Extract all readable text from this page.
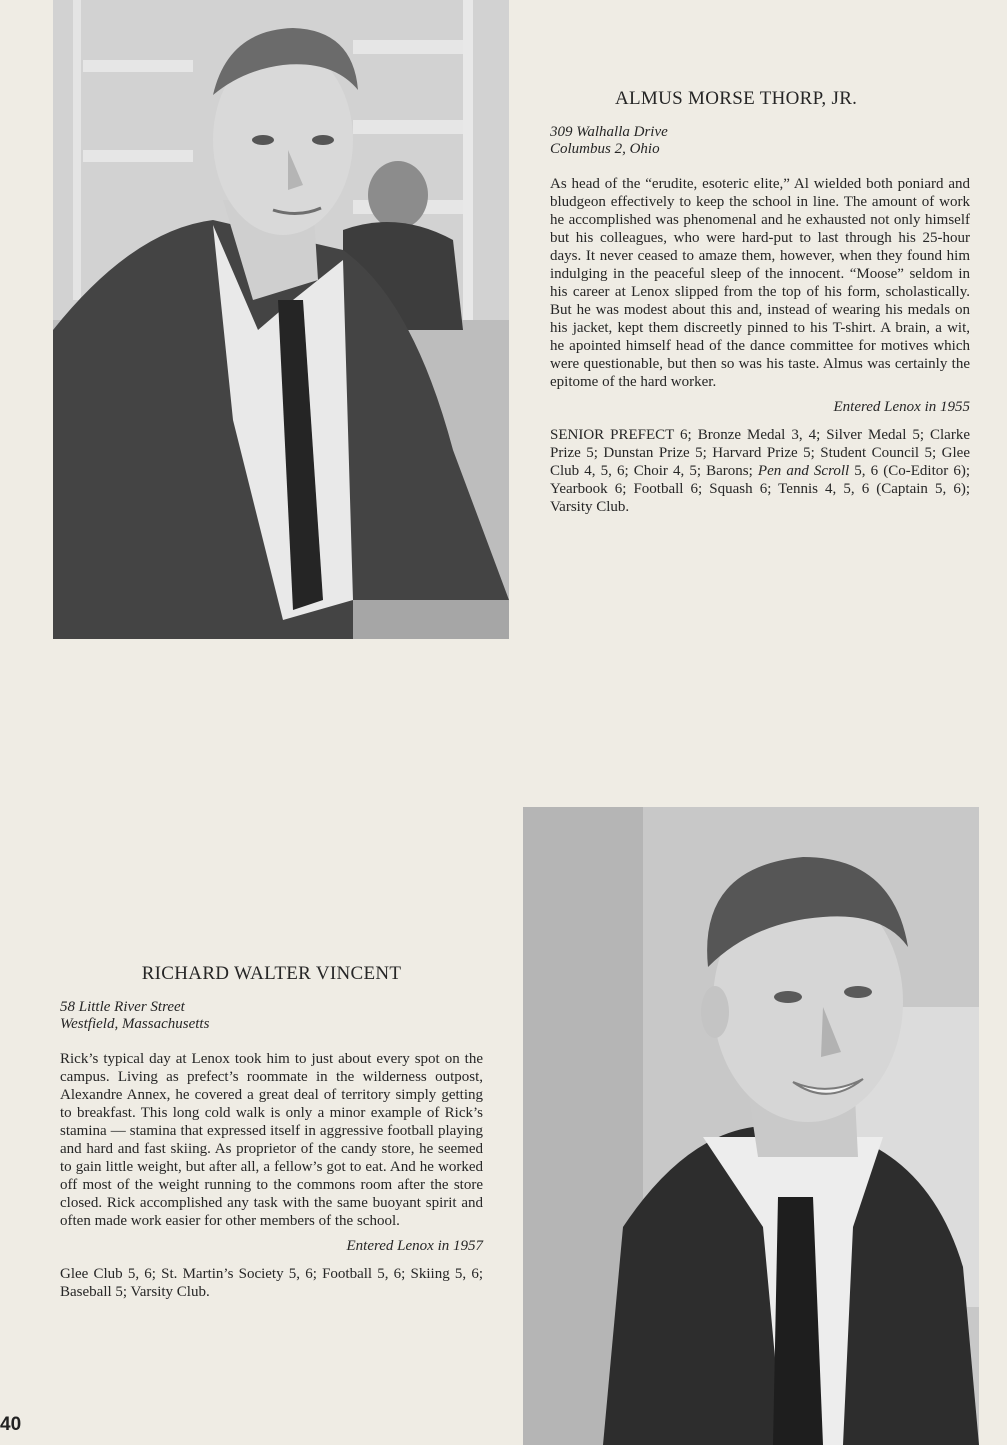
ALMUS MORSE THORP, JR.

309 Walhalla Drive
Columbus 2, Ohio

As head of the “erudite, esoteric elite,” Al wielded both poniard and bludgeon effectively to keep the school in line. The amount of work he accomplished was phenomenal and he exhausted not only himself but his colleagues, who were hard-put to last through his 25-hour days. It never ceased to amaze them, however, when they found him indulging in the peaceful sleep of the innocent. “Moose” seldom in his career at Lenox slipped from the top of his form, scholastically. But he was modest about this and, instead of wearing his medals on his jacket, kept them discreetly pinned to his T-shirt. A brain, a wit, he apointed himself head of the dance committee for motives which were questionable, but then so was his taste. Almus was certainly the epitome of the hard worker.

Entered Lenox in 1955

SENIOR PREFECT 6; Bronze Medal 3, 4; Silver Medal 5; Clarke Prize 5; Dunstan Prize 5; Harvard Prize 5; Student Council 5; Glee Club 4, 5, 6; Choir 4, 5; Barons; Pen and Scroll 5, 6 (Co-Editor 6); Yearbook 6; Football 6; Squash 6; Tennis 4, 5, 6 (Captain 5, 6); Varsity Club.

RICHARD WALTER VINCENT

58 Little River Street
Westfield, Massachusetts

Rick’s typical day at Lenox took him to just about every spot on the campus. Living as prefect’s roommate in the wilderness outpost, Alexandre Annex, he covered a great deal of territory simply getting to breakfast. This long cold walk is only a minor example of Rick’s stamina — stamina that expressed itself in aggressive football playing and hard and fast skiing. As proprietor of the candy store, he seemed to gain little weight, but after all, a fellow’s got to eat. And he worked off most of the weight running to the commons room after the store closed. Rick accomplished any task with the same buoyant spirit and often made work easier for other members of the school.

Entered Lenox in 1957

Glee Club 5, 6; St. Martin’s Society 5, 6; Football 5, 6; Skiing 5, 6; Baseball 5; Varsity Club.

40
